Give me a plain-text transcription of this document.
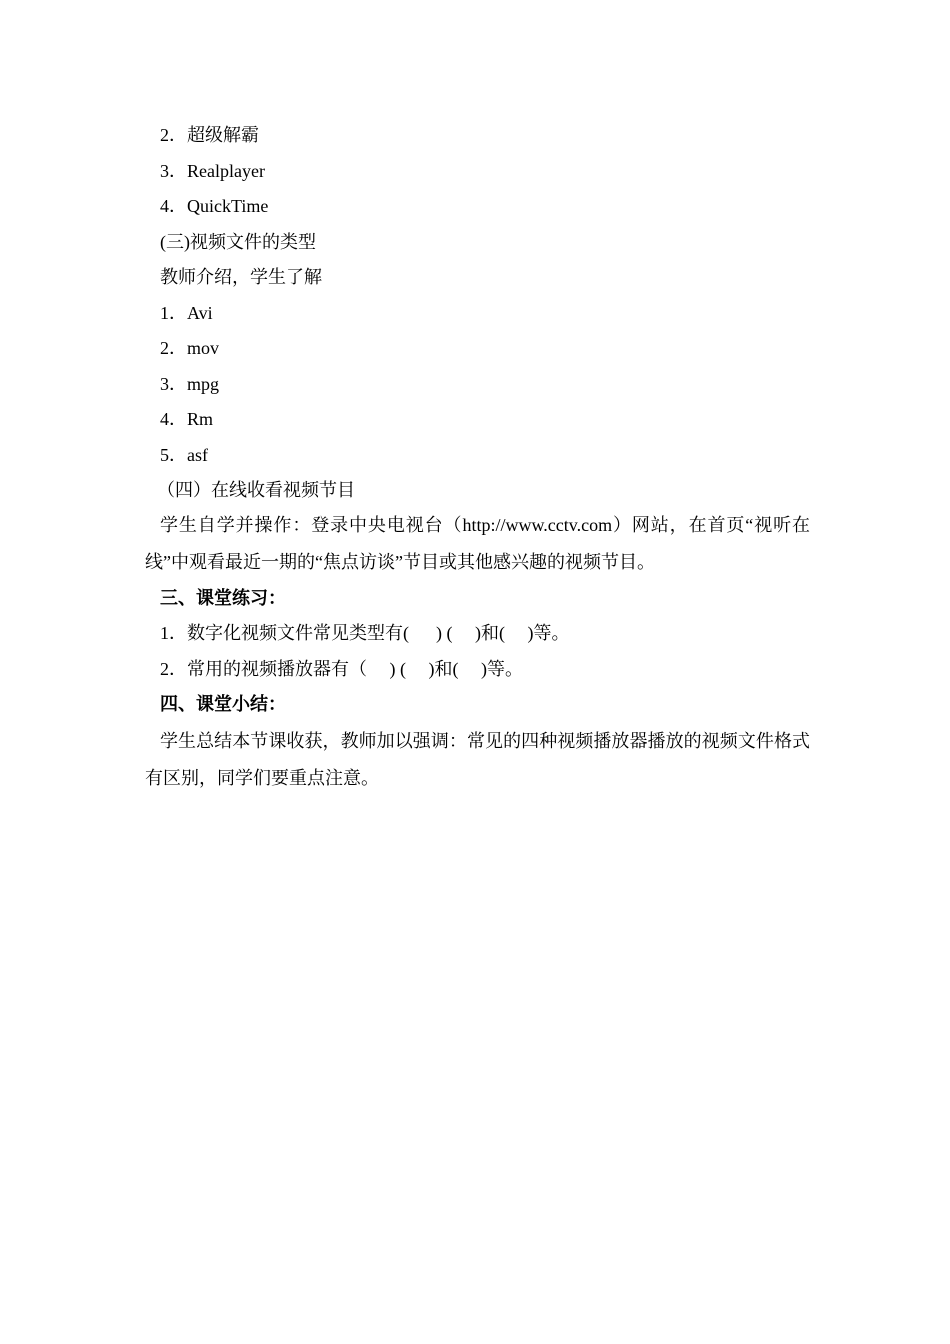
2．超级解霸
3．Realplayer
4．QuickTime
(三)视频文件的类型
教师介绍，学生了解
1．Avi
2．mov
3．mpg
4．Rm
5．asf
（四）在线收看视频节目

学生自学并操作：登录中央电视台（http://www.cctv.com）网站，在首页“视听在线”中观看最近一期的“焦点访谈”节目或其他感兴趣的视频节目。

三、课堂练习：
1．数字化视频文件常见类型有(      ) (     )和(     )等。
2．常用的视频播放器有（     ) (     )和(     )等。
四、课堂小结：

学生总结本节课收获，教师加以强调：常见的四种视频播放器播放的视频文件格式有区别，同学们要重点注意。
